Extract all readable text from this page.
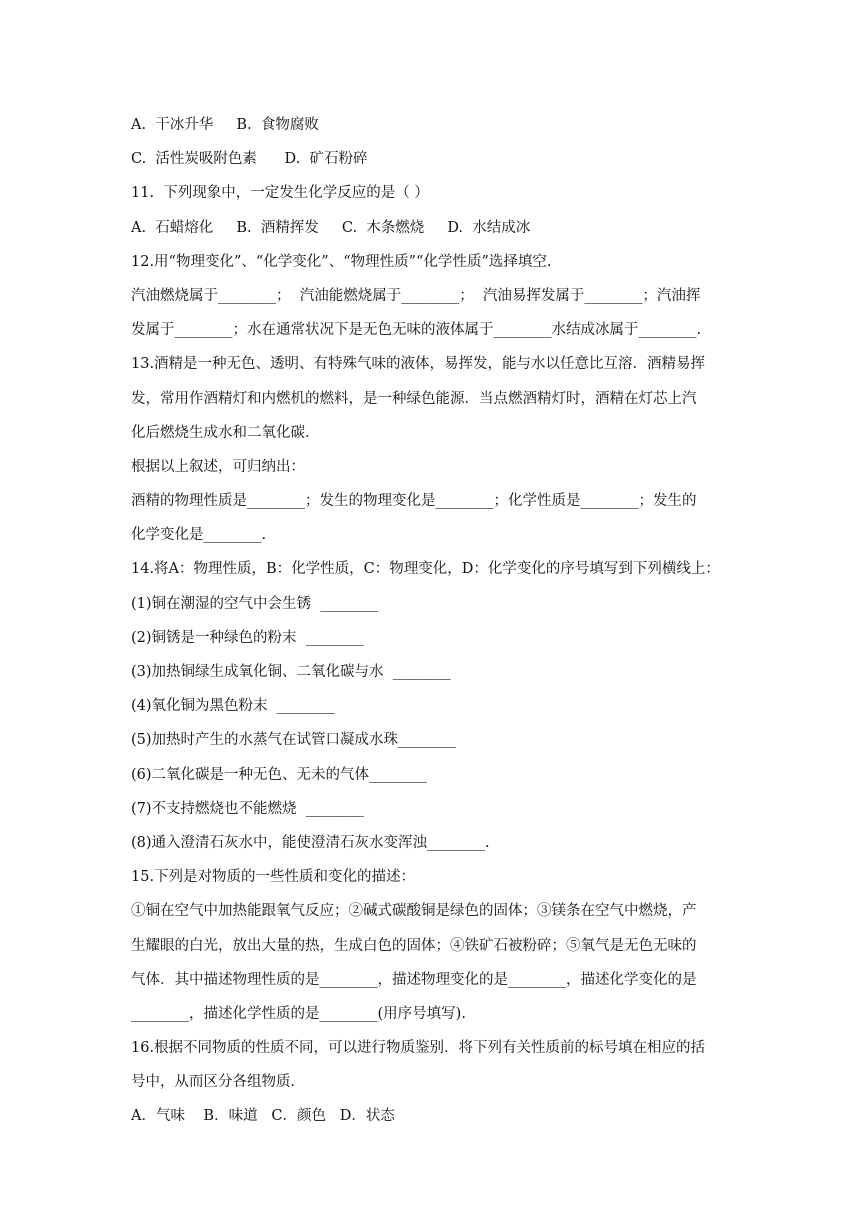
A.  干冰升华     B.  食物腐败
C.  活性炭吸附色素      D.  矿石粉碎
11.  下列现象中，一定发生化学反应的是（ ）
A.  石蜡熔化     B.  酒精挥发     C.  木条燃烧     D.  水结成冰
12.用“物理变化”、“化学变化”、“物理性质”“化学性质”选择填空.
汽油燃烧属于________；  汽油能燃烧属于________；  汽油易挥发属于________；汽油挥
发属于________；水在通常状况下是无色无味的液体属于________水结成冰属于________.
13.酒精是一种无色、透明、有特殊气味的液体，易挥发，能与水以任意比互溶．酒精易挥
发，常用作酒精灯和内燃机的燃料，是一种绿色能源．当点燃酒精灯时，酒精在灯芯上汽
化后燃烧生成水和二氧化碳．
根据以上叙述，可归纳出：
酒精的物理性质是________；发生的物理变化是________；化学性质是________；发生的
化学变化是________.
14.将A：物理性质，B：化学性质，C：物理变化，D：化学变化的序号填写到下列横线上：
(1)铜在潮湿的空气中会生锈  ________
(2)铜锈是一种绿色的粉末  ________
(3)加热铜绿生成氧化铜、二氧化碳与水  ________
(4)氧化铜为黑色粉末  ________
(5)加热时产生的水蒸气在试管口凝成水珠________
(6)二氧化碳是一种无色、无未的气体________
(7)不支持燃烧也不能燃烧  ________
(8)通入澄清石灰水中，能使澄清石灰水变浑浊________.
15.下列是对物质的一些性质和变化的描述：
①铜在空气中加热能跟氧气反应；②碱式碳酸铜是绿色的固体；③镁条在空气中燃烧，产
生耀眼的白光，放出大量的热，生成白色的固体；④铁矿石被粉碎；⑤氧气是无色无味的
气体．其中描述物理性质的是________，描述物理变化的是________，描述化学变化的是
________，描述化学性质的是________(用序号填写).
16.根据不同物质的性质不同，可以进行物质鉴别．将下列有关性质前的标号填在相应的括
号中，从而区分各组物质．
A．气味    B．味道   C．颜色   D．状态
